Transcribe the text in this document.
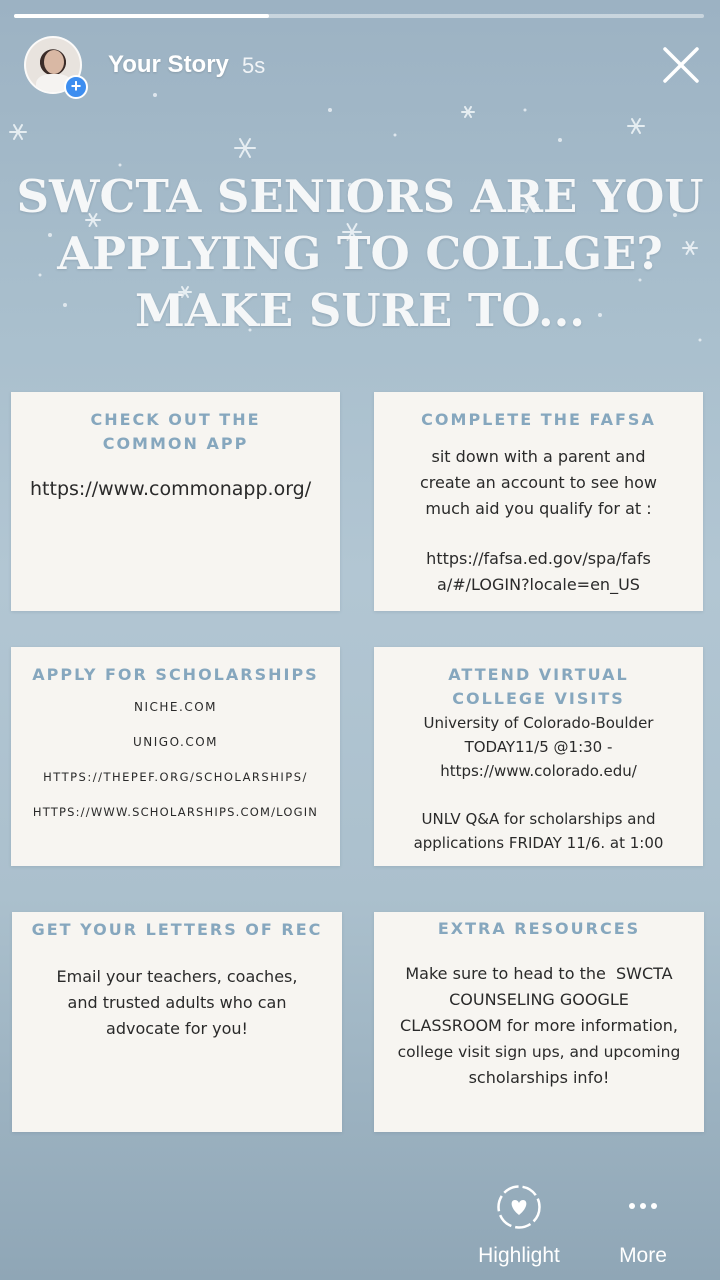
+
Your Story 5s
SWCTA SENIORS ARE YOU
APPLYING TO COLLGE?
MAKE SURE TO...
CHECK OUT THE COMMON APP
https://www.commonapp.org/
COMPLETE THE FAFSA
sit down with a parent and
create an account to see how
much aid you qualify for at :
https://fafsa.ed.gov/spa/fafs
a/#/LOGIN?locale=en_US
APPLY FOR SCHOLARSHIPS
NICHE.COM
UNIGO.COM
HTTPS://THEPEF.ORG/SCHOLARSHIPS/
HTTPS://WWW.SCHOLARSHIPS.COM/LOGIN
ATTEND VIRTUAL COLLEGE VISITS
University of Colorado-Boulder
TODAY11/5 @1:30 -
https://www.colorado.edu/
UNLV Q&A for scholarships and
applications FRIDAY 11/6. at 1:00
GET YOUR LETTERS OF REC
Email your teachers, coaches,
and trusted adults who can
advocate for you!
EXTRA RESOURCES
Make sure to head to the  SWCTA
COUNSELING GOOGLE
CLASSROOM for more information,
college visit sign ups, and upcoming
scholarships info!
Highlight	More
